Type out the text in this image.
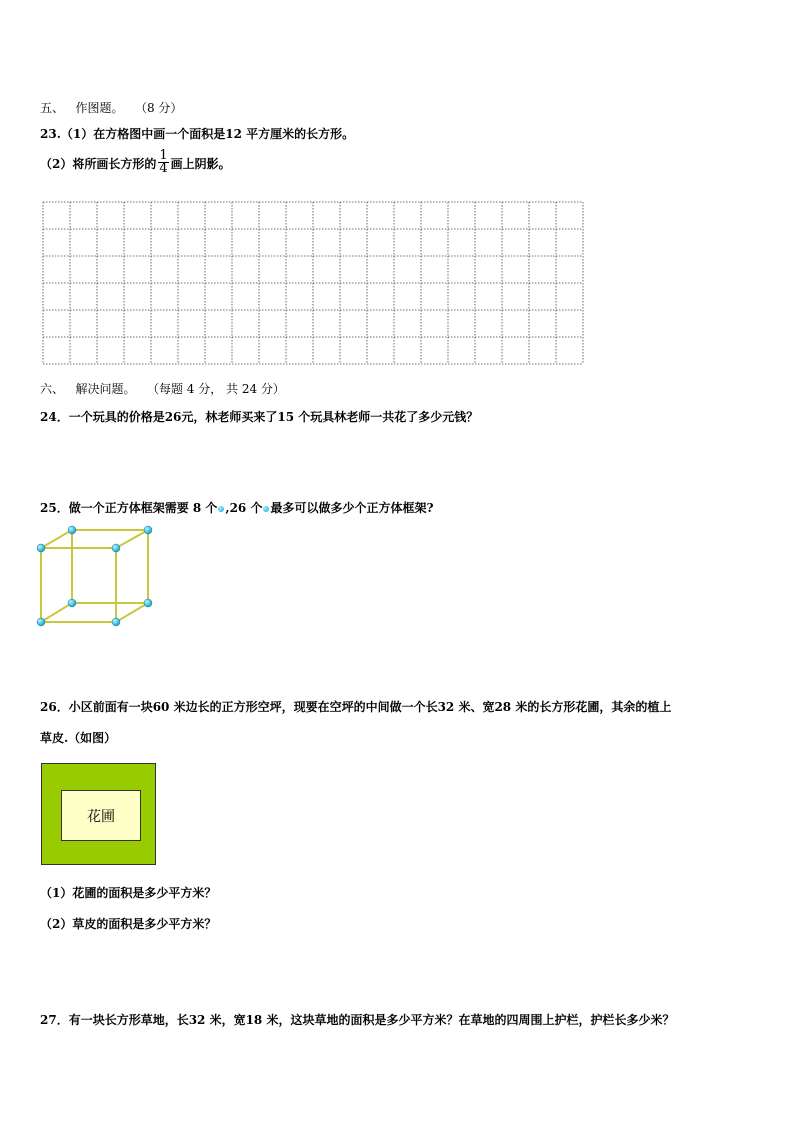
五、 作图题。 （8 分）
23.（1）在方格图中画一个面积是12 平方厘米的长方形。
（2）将所画长方形的 $\frac{1}{4}$ 画上阴影。
六、 解决问题。 （每题 4 分， 共 24 分）
24．一个玩具的价格是26元，林老师买来了15 个玩具林老师一共花了多少元钱？
25．做一个正方体框架需要 8 个 ,26 个 最多可以做多少个正方体框架?
26．小区前面有一块60 米边长的正方形空坪，现要在空坪的中间做一个长32 米、宽28 米的长方形花圃，其余的植上
草皮.（如图）
花圃
（1）花圃的面积是多少平方米？
（2）草皮的面积是多少平方米？
27．有一块长方形草地，长32 米，宽18 米，这块草地的面积是多少平方米？在草地的四周围上护栏，护栏长多少米？
